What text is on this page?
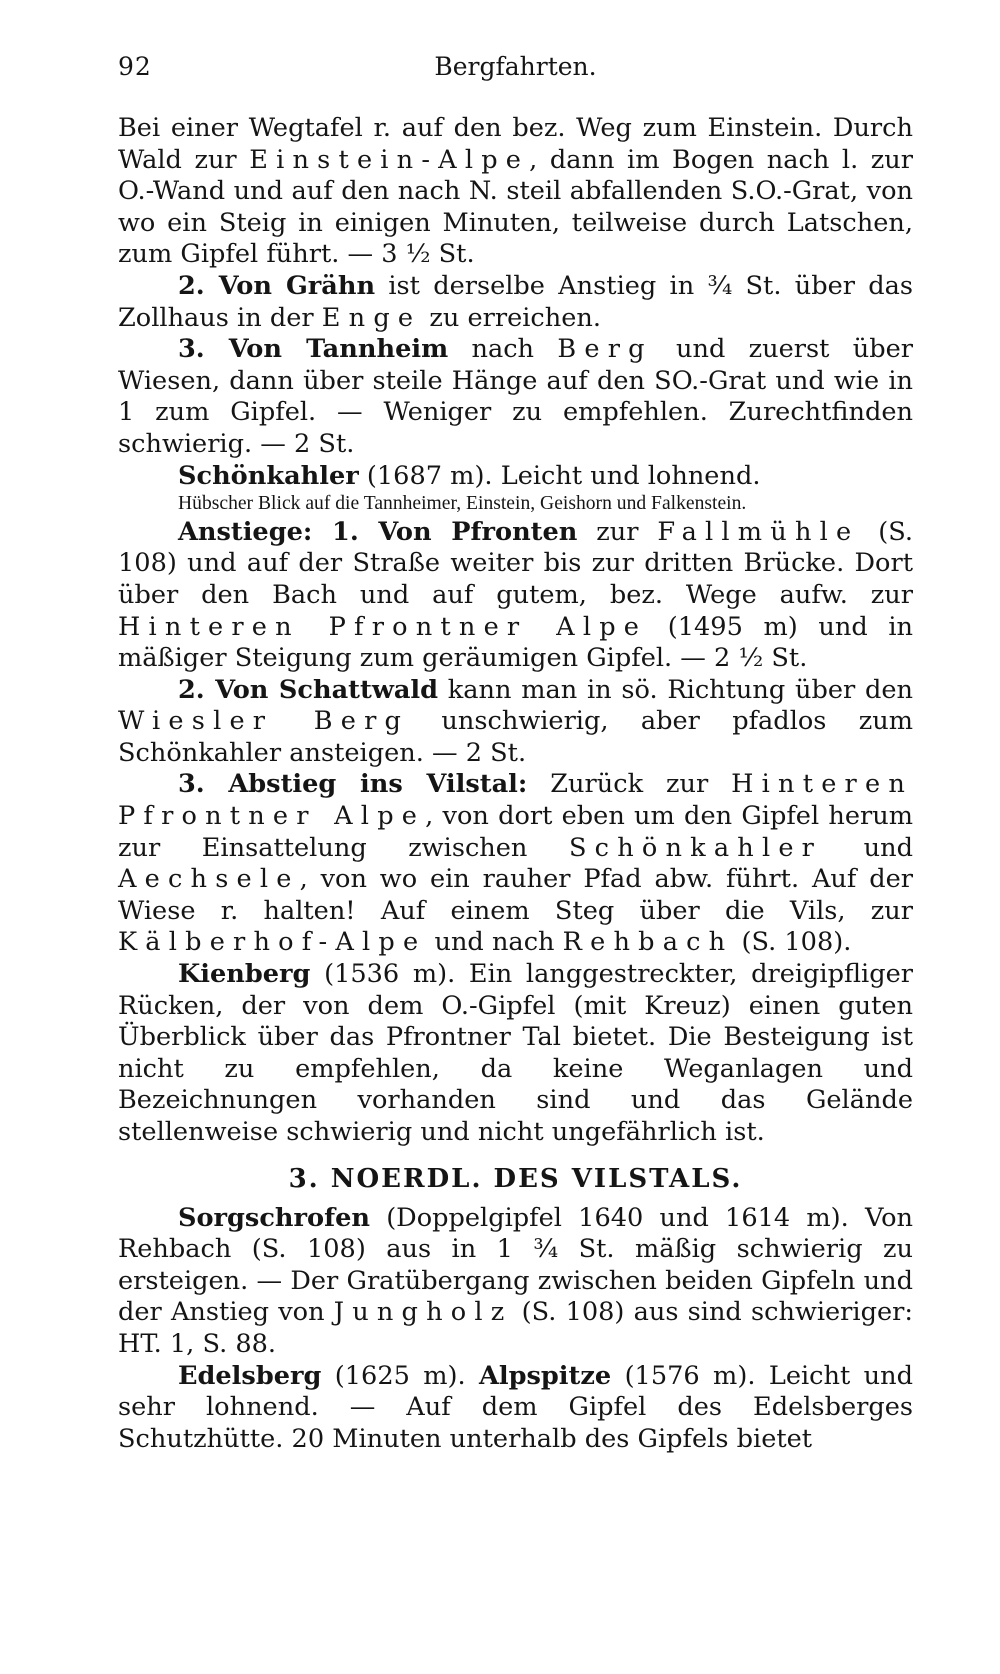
92	Bergfahrten.

Bei einer Wegtafel r. auf den bez. Weg zum Einstein. Durch Wald zur Einstein-Alpe, dann im Bogen nach l. zur O.-Wand und auf den nach N. steil abfallenden S.O.-Grat, von wo ein Steig in einigen Minuten, teilweise durch Latschen, zum Gipfel führt. — 3 ½ St.

2. Von Grähn ist derselbe Anstieg in ¾ St. über das Zollhaus in der Enge zu erreichen.

3. Von Tannheim nach Berg und zuerst über Wiesen, dann über steile Hänge auf den SO.-Grat und wie in 1 zum Gipfel. — Weniger zu empfehlen. Zurechtfinden schwierig. — 2 St.

Schönkahler (1687 m). Leicht und lohnend.

Hübscher Blick auf die Tannheimer, Einstein, Geishorn und Falkenstein.

Anstiege: 1. Von Pfronten zur Fallmühle (S. 108) und auf der Straße weiter bis zur dritten Brücke. Dort über den Bach und auf gutem, bez. Wege aufw. zur Hinteren Pfrontner Alpe (1495 m) und in mäßiger Steigung zum geräumigen Gipfel. — 2 ½ St.

2. Von Schattwald kann man in sö. Richtung über den Wiesler Berg unschwierig, aber pfadlos zum Schönkahler ansteigen. — 2 St.

3. Abstieg ins Vilstal: Zurück zur Hinteren Pfrontner Alpe, von dort eben um den Gipfel herum zur Einsattelung zwischen Schönkahler und Aechsele, von wo ein rauher Pfad abw. führt. Auf der Wiese r. halten! Auf einem Steg über die Vils, zur Kälberhof-Alpe und nach Rehbach (S. 108).

Kienberg (1536 m). Ein langgestreckter, dreigipfliger Rücken, der von dem O.-Gipfel (mit Kreuz) einen guten Überblick über das Pfrontner Tal bietet. Die Besteigung ist nicht zu empfehlen, da keine Weganlagen und Bezeichnungen vorhanden sind und das Gelände stellenweise schwierig und nicht ungefährlich ist.

3. NOERDL. DES VILSTALS.

Sorgschrofen (Doppelgipfel 1640 und 1614 m). Von Rehbach (S. 108) aus in 1 ¾ St. mäßig schwierig zu ersteigen. — Der Gratübergang zwischen beiden Gipfeln und der Anstieg von Jungholz (S. 108) aus sind schwieriger: HT. 1, S. 88.

Edelsberg (1625 m). Alpspitze (1576 m). Leicht und sehr lohnend. — Auf dem Gipfel des Edelsberges Schutzhütte. 20 Minuten unterhalb des Gipfels bietet
